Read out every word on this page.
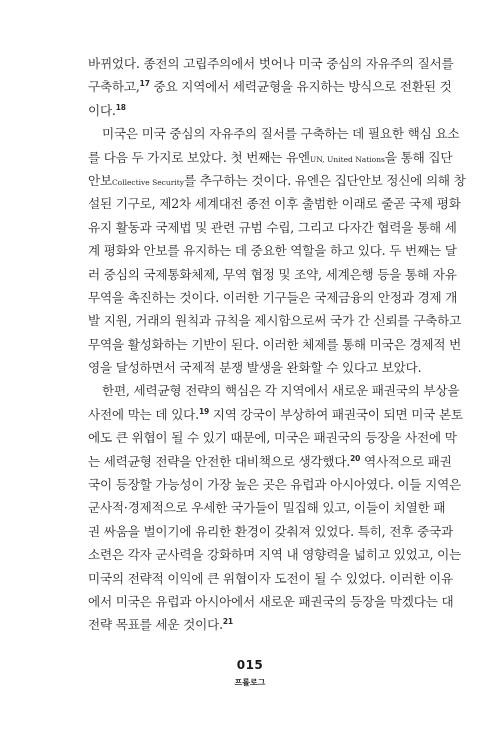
바뀌었다. 종전의 고립주의에서 벗어나 미국 중심의 자유주의 질서를
구축하고,$^{17}$ 중요 지역에서 세력균형을 유지하는 방식으로 전환된 것
이다.$^{18}$
미국은 미국 중심의 자유주의 질서를 구축하는 데 필요한 핵심 요소
를 다음 두 가지로 보았다. 첫 번째는 유엔UN, United Nations을 통해 집단
안보Collective Security를 추구하는 것이다. 유엔은 집단안보 정신에 의해 창
설된 기구로, 제2차 세계대전 종전 이후 출범한 이래로 줄곧 국제 평화
유지 활동과 국제법 및 관련 규범 수립, 그리고 다자간 협력을 통해 세
계 평화와 안보를 유지하는 데 중요한 역할을 하고 있다. 두 번째는 달
러 중심의 국제통화체제, 무역 협정 및 조약, 세계은행 등을 통해 자유
무역을 촉진하는 것이다. 이러한 기구들은 국제금융의 안정과 경제 개
발 지원, 거래의 원칙과 규칙을 제시함으로써 국가 간 신뢰를 구축하고
무역을 활성화하는 기반이 된다. 이러한 체제를 통해 미국은 경제적 번
영을 달성하면서 국제적 분쟁 발생을 완화할 수 있다고 보았다.
한편, 세력균형 전략의 핵심은 각 지역에서 새로운 패권국의 부상을
사전에 막는 데 있다.$^{19}$ 지역 강국이 부상하여 패권국이 되면 미국 본토
에도 큰 위협이 될 수 있기 때문에, 미국은 패권국의 등장을 사전에 막
는 세력균형 전략을 안전한 대비책으로 생각했다.$^{20}$ 역사적으로 패권
국이 등장할 가능성이 가장 높은 곳은 유럽과 아시아였다. 이들 지역은
군사적·경제적으로 우세한 국가들이 밀집해 있고, 이들이 치열한 패
권 싸움을 벌이기에 유리한 환경이 갖춰져 있었다. 특히, 전후 중국과
소련은 각자 군사력을 강화하며 지역 내 영향력을 넓히고 있었고, 이는
미국의 전략적 이익에 큰 위협이자 도전이 될 수 있었다. 이러한 이유
에서 미국은 유럽과 아시아에서 새로운 패권국의 등장을 막겠다는 대
전략 목표를 세운 것이다.$^{21}$
015
프롤로그
